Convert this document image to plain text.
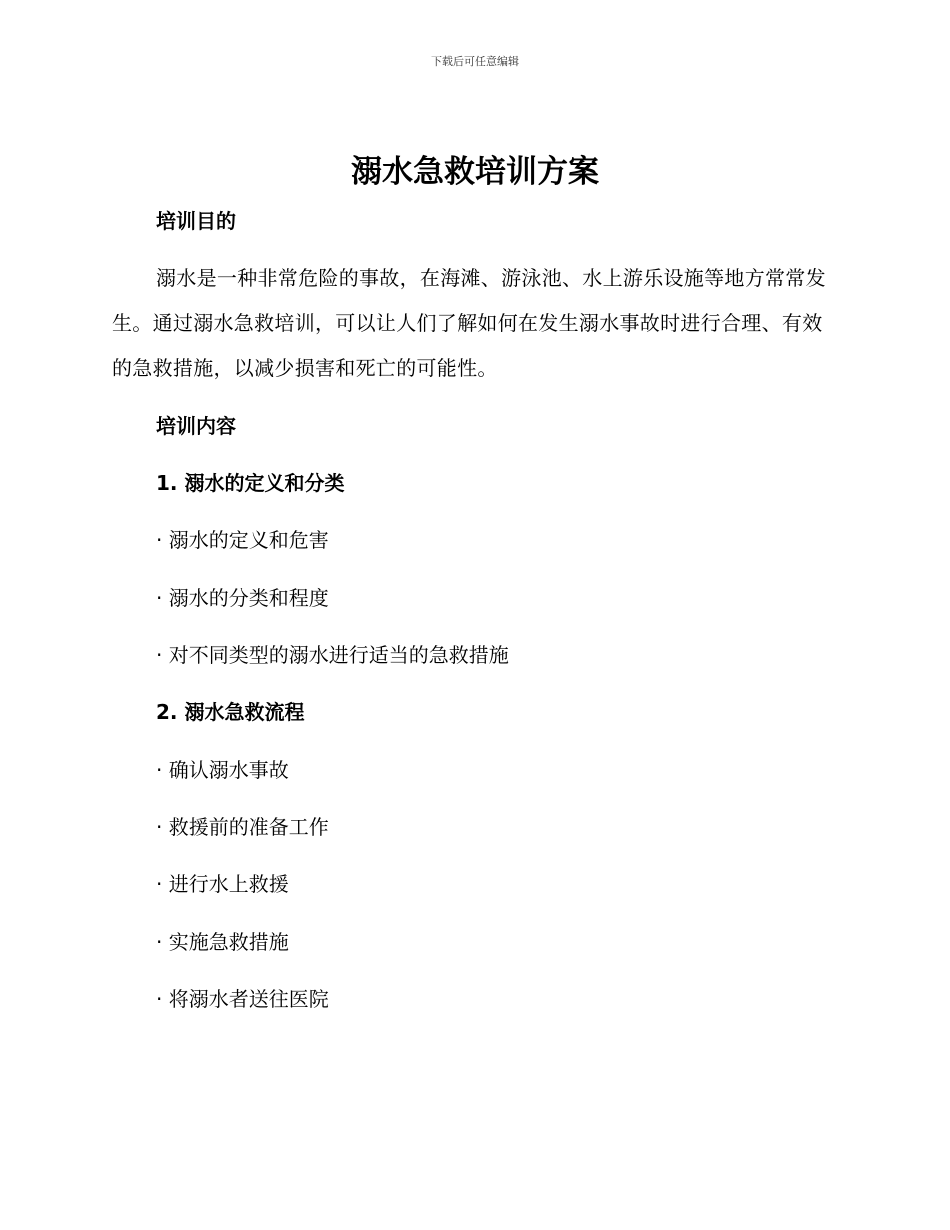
下载后可任意编辑
溺水急救培训方案
培训目的
溺水是一种非常危险的事故，在海滩、游泳池、水上游乐设施等地方常常发生。通过溺水急救培训，可以让人们了解如何在发生溺水事故时进行合理、有效的急救措施，以减少损害和死亡的可能性。
培训内容
1. 溺水的定义和分类
· 溺水的定义和危害
· 溺水的分类和程度
· 对不同类型的溺水进行适当的急救措施
2. 溺水急救流程
· 确认溺水事故
· 救援前的准备工作
· 进行水上救援
· 实施急救措施
· 将溺水者送往医院
